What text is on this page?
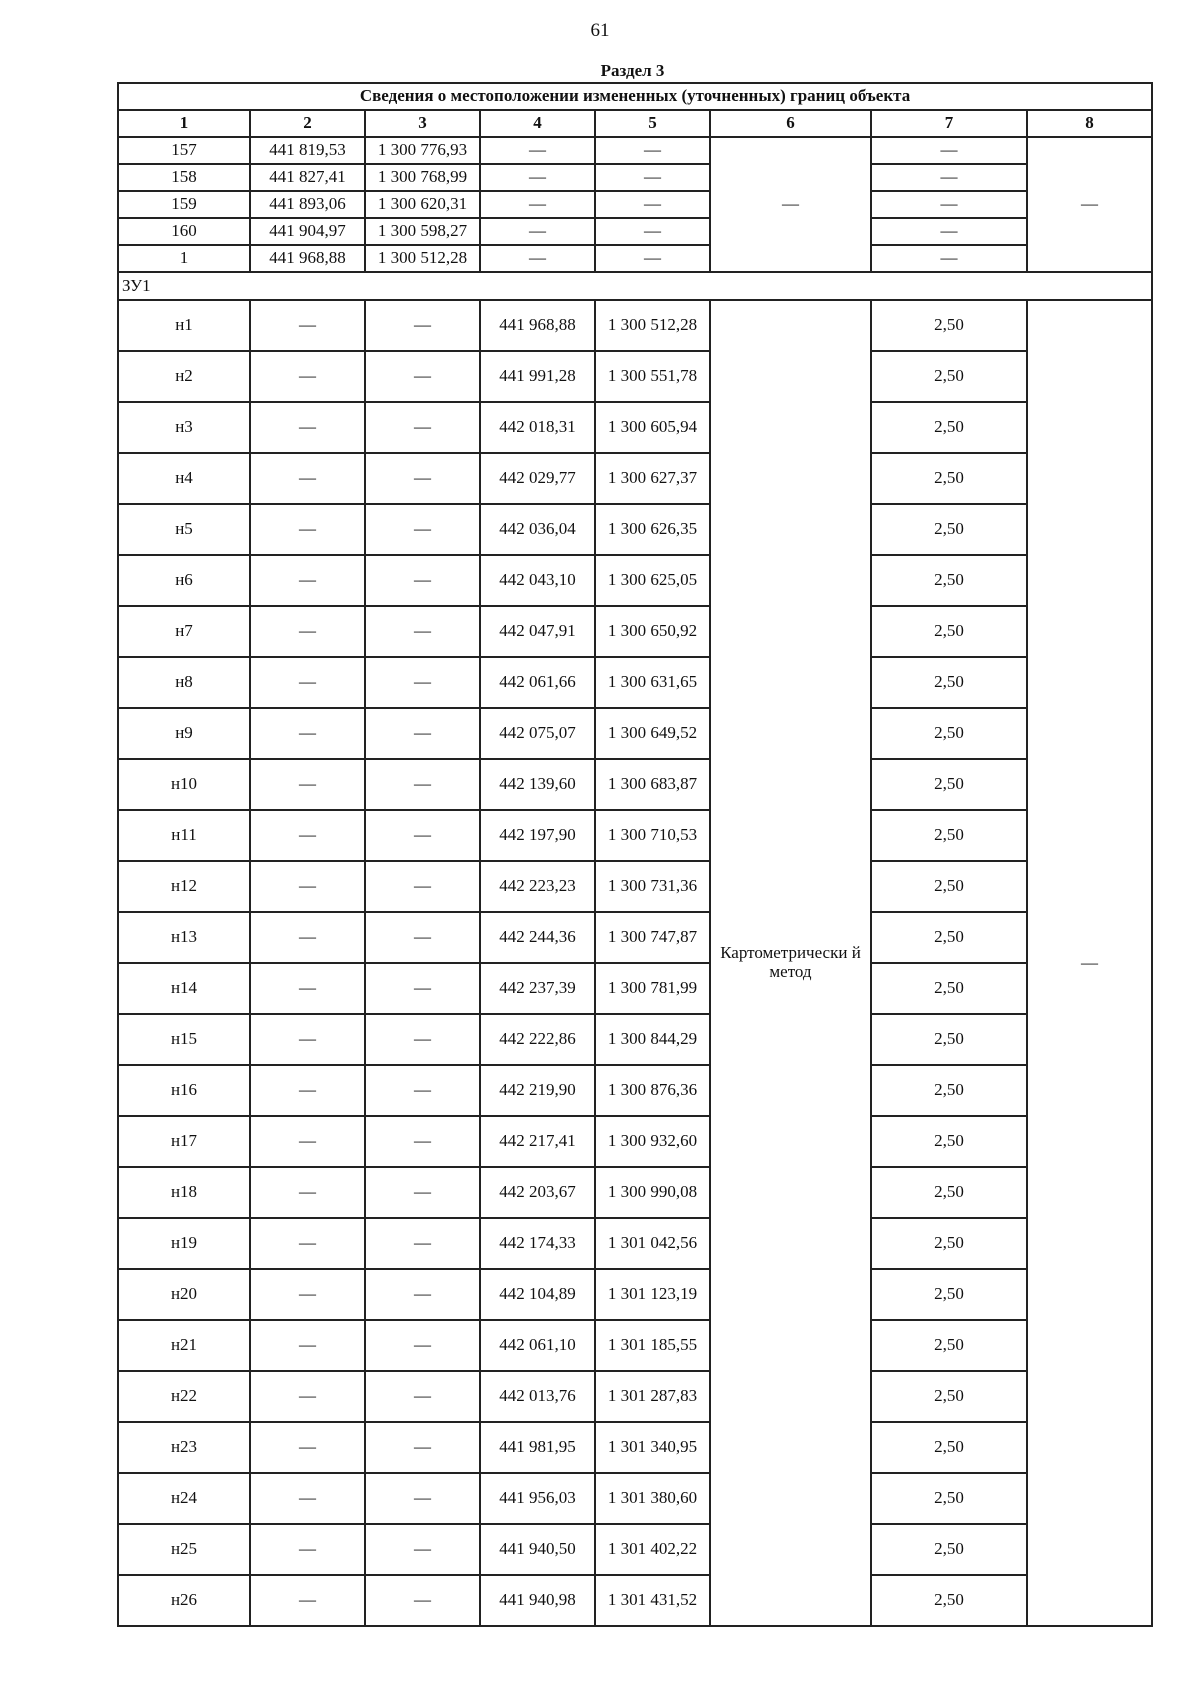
61
Раздел 3
Сведения о местоположении измененных (уточненных) границ объекта							
1	2	3	4	5	6	7	8
157	441 819,53	1 300 776,93	—	—	—	—	—
158	441 827,41	1 300 768,99	—	—		—	
159	441 893,06	1 300 620,31	—	—		—	
160	441 904,97	1 300 598,27	—	—		—	
1	441 968,88	1 300 512,28	—	—		—	
ЗУ1							
н1	—	—	441 968,88	1 300 512,28	Картометрически й метод	2,50	—
н2	—	—	441 991,28	1 300 551,78		2,50	
н3	—	—	442 018,31	1 300 605,94		2,50	
н4	—	—	442 029,77	1 300 627,37		2,50	
н5	—	—	442 036,04	1 300 626,35		2,50	
н6	—	—	442 043,10	1 300 625,05		2,50	
н7	—	—	442 047,91	1 300 650,92		2,50	
н8	—	—	442 061,66	1 300 631,65		2,50	
н9	—	—	442 075,07	1 300 649,52		2,50	
н10	—	—	442 139,60	1 300 683,87		2,50	
н11	—	—	442 197,90	1 300 710,53		2,50	
н12	—	—	442 223,23	1 300 731,36		2,50	
н13	—	—	442 244,36	1 300 747,87		2,50	
н14	—	—	442 237,39	1 300 781,99		2,50	
н15	—	—	442 222,86	1 300 844,29		2,50	
н16	—	—	442 219,90	1 300 876,36		2,50	
н17	—	—	442 217,41	1 300 932,60		2,50	
н18	—	—	442 203,67	1 300 990,08		2,50	
н19	—	—	442 174,33	1 301 042,56		2,50	
н20	—	—	442 104,89	1 301 123,19		2,50	
н21	—	—	442 061,10	1 301 185,55		2,50	
н22	—	—	442 013,76	1 301 287,83		2,50	
н23	—	—	441 981,95	1 301 340,95		2,50	
н24	—	—	441 956,03	1 301 380,60		2,50	
н25	—	—	441 940,50	1 301 402,22		2,50	
н26	—	—	441 940,98	1 301 431,52		2,50	
